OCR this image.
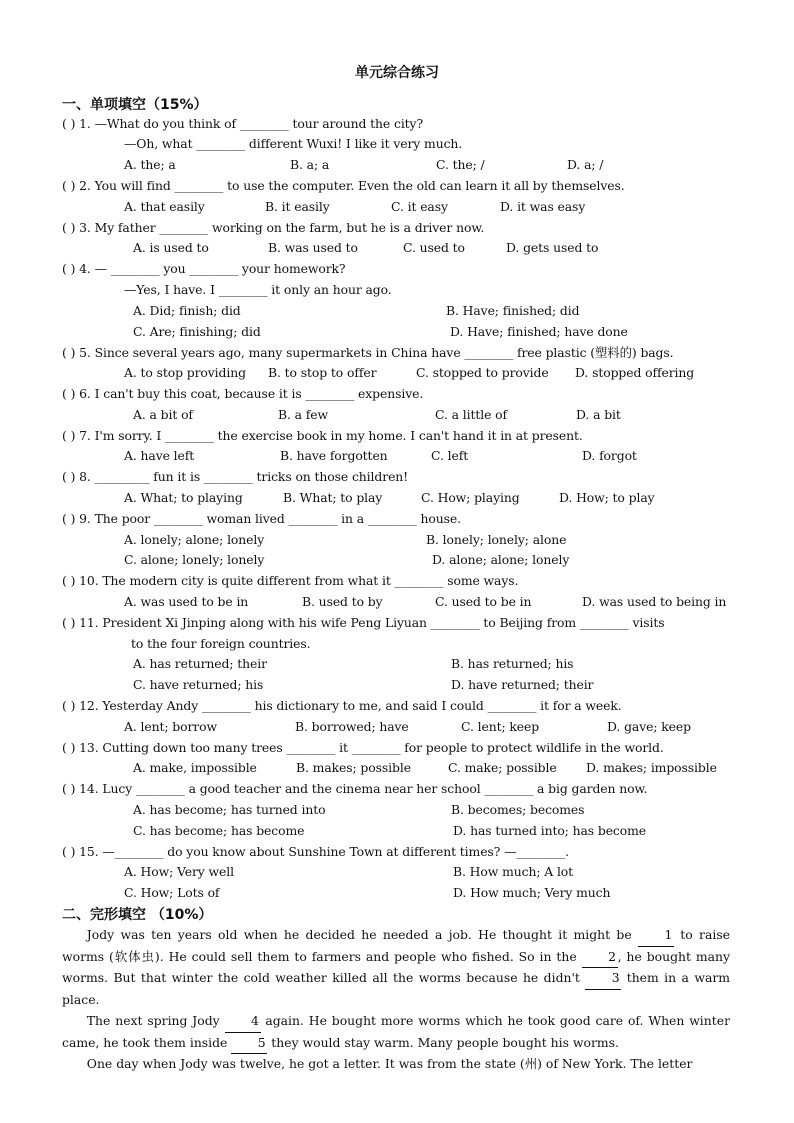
单元综合练习
一、单项填空（15%）
( ) 1. —What do you think of ________ tour around the city?
—Oh, what ________ different Wuxi! I like it very much.
A. the; a	B. a; a	C. the; /	D. a; /
( ) 2. You will find ________ to use the computer. Even the old can learn it all by themselves.
A. that easily	B. it easily	C. it easy	D. it was easy
( ) 3. My father ________ working on the farm, but he is a driver now.
A. is used to	B. was used to	C. used to	D. gets used to
( ) 4. — ________ you ________ your homework?
—Yes, I have. I ________ it only an hour ago.
A. Did; finish; did	B. Have; finished; did
C. Are; finishing; did	D. Have; finished; have done
( ) 5. Since several years ago, many supermarkets in China have ________ free plastic (塑料的) bags.
A. to stop providing B. to stop to offer	C. stopped to provide D. stopped offering
( ) 6. I can't buy this coat, because it is ________ expensive.
A. a bit of	B. a few	C. a little of	D. a bit
( ) 7. I'm sorry. I ________ the exercise book in my home. I can't hand it in at present.
A. have left	B. have forgotten	C. left	D. forgot
( ) 8. _________ fun it is ________ tricks on those children!
A. What; to playing	B. What; to play	C. How; playing	D. How; to play
( ) 9. The poor ________ woman lived ________ in a ________ house.
A. lonely; alone; lonely	B. lonely; lonely; alone
C. alone; lonely; lonely	D. alone; alone; lonely
( ) 10. The modern city is quite different from what it ________ some ways.
A. was used to be in	B. used to by	C. used to be in	D. was used to being in
( ) 11. President Xi Jinping along with his wife Peng Liyuan ________ to Beijing from ________ visits
to the four foreign countries.
A. has returned; their	B. has returned; his
C. have returned; his	D. have returned; their
( ) 12. Yesterday Andy ________ his dictionary to me, and said I could ________ it for a week.
A. lent; borrow	B. borrowed; have	C. lent; keep	D. gave; keep
( ) 13. Cutting down too many trees ________ it ________ for people to protect wildlife in the world.
A. make, impossible	B. makes; possible	C. make; possible D. makes; impossible
( ) 14. Lucy ________ a good teacher and the cinema near her school ________ a big garden now.
A. has become; has turned into	B. becomes; becomes
C. has become; has become	D. has turned into; has become
( ) 15. —________ do you know about Sunshine Town at different times? —________.
A. How; Very well	B. How much; A lot
C. How; Lots of	D. How much; Very much
二、完形填空 （10%）

Jody was ten years old when he decided he needed a job. He thought it might be 1 to raise worms (软体虫). He could sell them to farmers and people who fished. So in the 2 , he bought many worms. But that winter the cold weather killed all the worms because he didn't 3 them in a warm place.

The next spring Jody 4 again. He bought more worms which he took good care of. When winter came, he took them inside 5 they would stay warm. Many people bought his worms.

One day when Jody was twelve, he got a letter. It was from the state (州) of New York. The letter
